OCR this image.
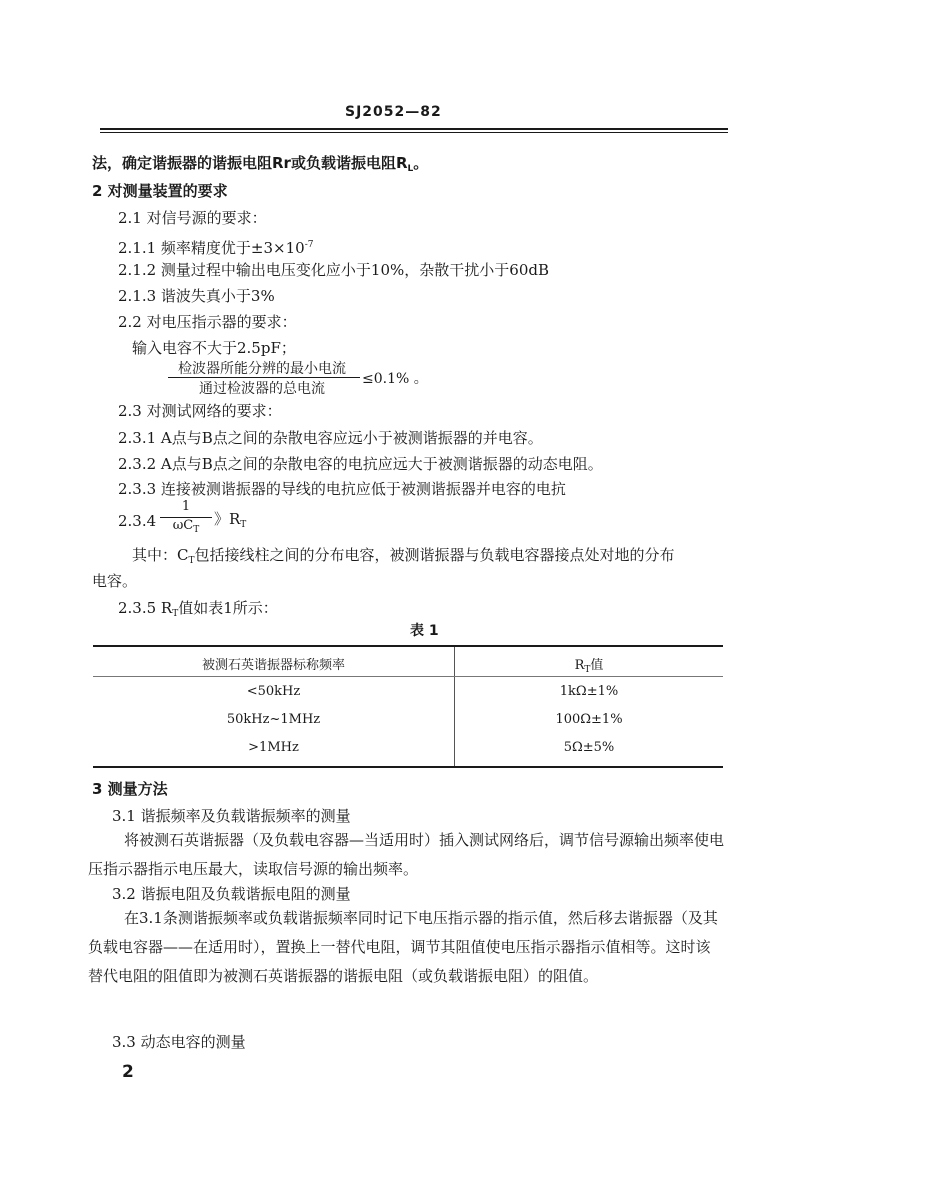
SJ2052—82
法，确定谐振器的谐振电阻Rr或负载谐振电阻$R_L$。
2 对测量装置的要求
2.1 对信号源的要求：
2.1.1 频率精度优于$\pm 3\times 10^{-7}$
2.1.2 测量过程中输出电压变化应小于10%，杂散干扰小于60dB
2.1.3 谐波失真小于3%
2.2 对电压指示器的要求：
输入电容不大于2.5pF；
检波器所能分辨的最小电流
通过检波器的总电流
≤0.1% 。
2.3 对测试网络的要求：
2.3.1 A点与B点之间的杂散电容应远小于被测谐振器的并电容。
2.3.2 A点与B点之间的杂散电容的电抗应远大于被测谐振器的动态电阻。
2.3.3 连接被测谐振器的导线的电抗应低于被测谐振器并电容的电抗
2.3.4
1
$\omega C_T$
》$R_T$
其中：$C_T$包括接线柱之间的分布电容，被测谐振器与负载电容器接点处对地的分布
电容。
2.3.5 $R_T$值如表1所示：
表 1
被测石英谐振器标称频率	$R_T$值
<50kHz	1kΩ±1%
50kHz~1MHz	100Ω±1%
>1MHz	5Ω±5%
3 测量方法
3.1 谐振频率及负载谐振频率的测量
将被测石英谐振器（及负载电容器—当适用时）插入测试网络后，调节信号源输出频率使电压指示器指示电压最大，读取信号源的输出频率。
3.2 谐振电阻及负载谐振电阻的测量
在3.1条测谐振频率或负载谐振频率同时记下电压指示器的指示值，然后移去谐振器（及其负载电容器——在适用时），置换上一替代电阻，调节其阻值使电压指示器指示值相等。这时该替代电阻的阻值即为被测石英谐振器的谐振电阻（或负载谐振电阻）的阻值。
3.3 动态电容的测量
2
